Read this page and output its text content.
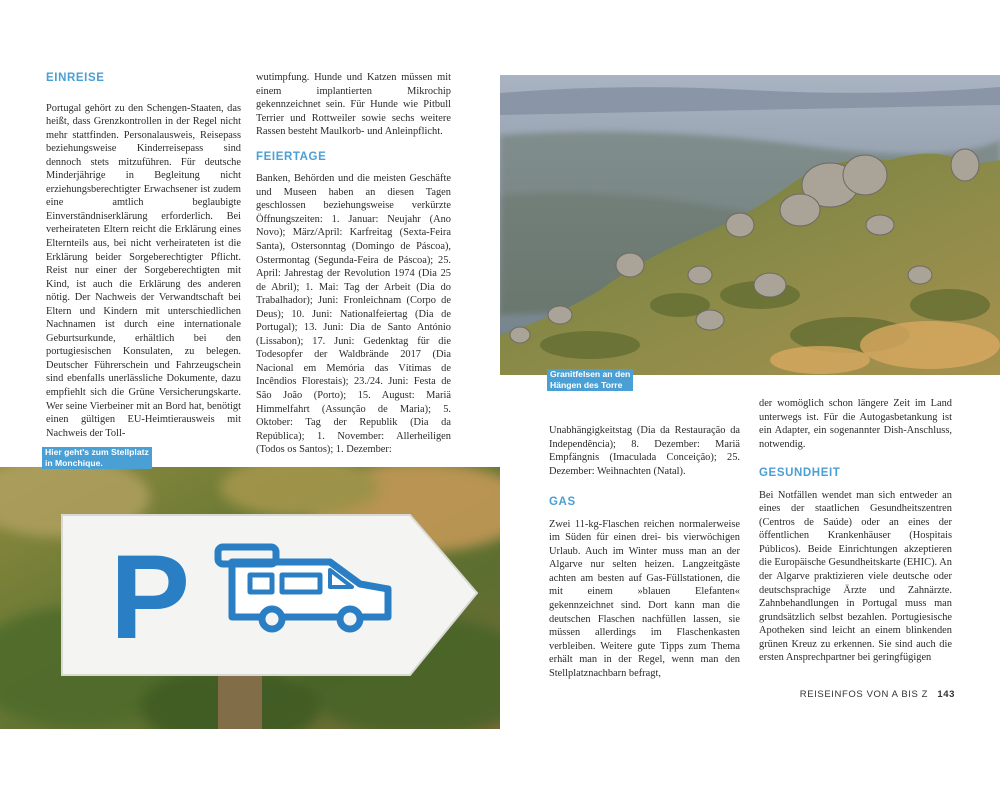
EINREISE

Portugal gehört zu den Schengen-Staaten, das heißt, dass Grenzkontrollen in der Regel nicht mehr stattfinden. Personalausweis, Reisepass beziehungsweise Kinderreisepass sind dennoch stets mitzuführen. Für deutsche Minderjährige in Begleitung nicht erziehungsberechtigter Erwachsener ist zudem eine amtlich beglaubigte Einverständniserklärung erforderlich. Bei verheirateten Eltern reicht die Erklärung eines Elternteils aus, bei nicht verheirateten ist die Erklärung beider Sorgeberechtigter Pflicht. Reist nur einer der Sorgeberechtigten mit Kind, ist auch die Erklärung des anderen nötig. Der Nachweis der Verwandtschaft bei Eltern und Kindern mit unterschiedlichen Nachnamen ist durch eine internationale Geburtsurkunde, erhältlich bei den portugiesischen Konsulaten, zu belegen. Deutscher Führerschein und Fahrzeugschein sind ebenfalls unerlässliche Dokumente, dazu empfiehlt sich die Grüne Versicherungskarte. Wer seine Vierbeiner mit an Bord hat, benötigt einen gültigen EU-Heimtierausweis mit Nachweis der Toll-

wutimpfung. Hunde und Katzen müssen mit einem implantierten Mikrochip gekennzeichnet sein. Für Hunde wie Pitbull Terrier und Rottweiler sowie sechs weitere Rassen besteht Maulkorb- und Anleinpflicht.

FEIERTAGE

Banken, Behörden und die meisten Geschäfte und Museen haben an diesen Tagen geschlossen beziehungsweise verkürzte Öffnungszeiten: 1. Januar: Neujahr (Ano Novo); März/April: Karfreitag (Sexta-Feira Santa), Ostersonntag (Domingo de Páscoa), Ostermontag (Segunda-Feira de Páscoa); 25. April: Jahrestag der Revolution 1974 (Dia 25 de Abril); 1. Mai: Tag der Arbeit (Dia do Trabalhador); Juni: Fronleichnam (Corpo de Deus); 10. Juni: Nationalfeiertag (Dia de Portugal); 13. Juni: Dia de Santo António (Lissabon); 17. Juni: Gedenktag für die Todesopfer der Waldbrände 2017 (Dia Nacional em Memória das Vítimas de Incêndios Florestais); 23./24. Juni: Festa de São João (Porto); 15. August: Mariä Himmelfahrt (Assunção de Maria); 5. Oktober: Tag der Republik (Dia da República); 1. November: Allerheiligen (Todos os Santos); 1. Dezember:

P
Hier geht's zum Stellplatz
in Monchique.
Granitfelsen an den
Hängen des Torre

Unabhängigkeitstag (Dia da Restauração da Independência); 8. Dezember: Mariä Empfängnis (Imaculada Conceição); 25. Dezember: Weihnachten (Natal).

GAS

Zwei 11-kg-Flaschen reichen normalerweise im Süden für einen drei- bis vierwöchigen Urlaub. Auch im Winter muss man an der Algarve nur selten heizen. Langzeitgäste achten am besten auf Gas-Füllstationen, die mit einem »blauen Elefanten« gekennzeichnet sind. Dort kann man die deutschen Flaschen nachfüllen lassen, sie müssen allerdings im Flaschenkasten verbleiben. Weitere gute Tipps zum Thema erhält man in der Regel, wenn man den Stellplatznachbarn befragt,

der womöglich schon längere Zeit im Land unterwegs ist. Für die Autogasbetankung ist ein Adapter, ein sogenannter Dish-Anschluss, notwendig.

GESUNDHEIT

Bei Notfällen wendet man sich entweder an eines der staatlichen Gesundheitszentren (Centros de Saúde) oder an eines der öffentlichen Krankenhäuser (Hospitais Públicos). Beide Einrichtungen akzeptieren die Europäische Gesundheitskarte (EHIC). An der Algarve praktizieren viele deutsche oder deutschsprachige Ärzte und Zahnärzte. Zahnbehandlungen in Portugal muss man grundsätzlich selbst bezahlen. Portugiesische Apotheken sind leicht an einem blinkenden grünen Kreuz zu erkennen. Sie sind auch die ersten Ansprechpartner bei geringfügigen

REISEINFOS VON A BIS Z 143
